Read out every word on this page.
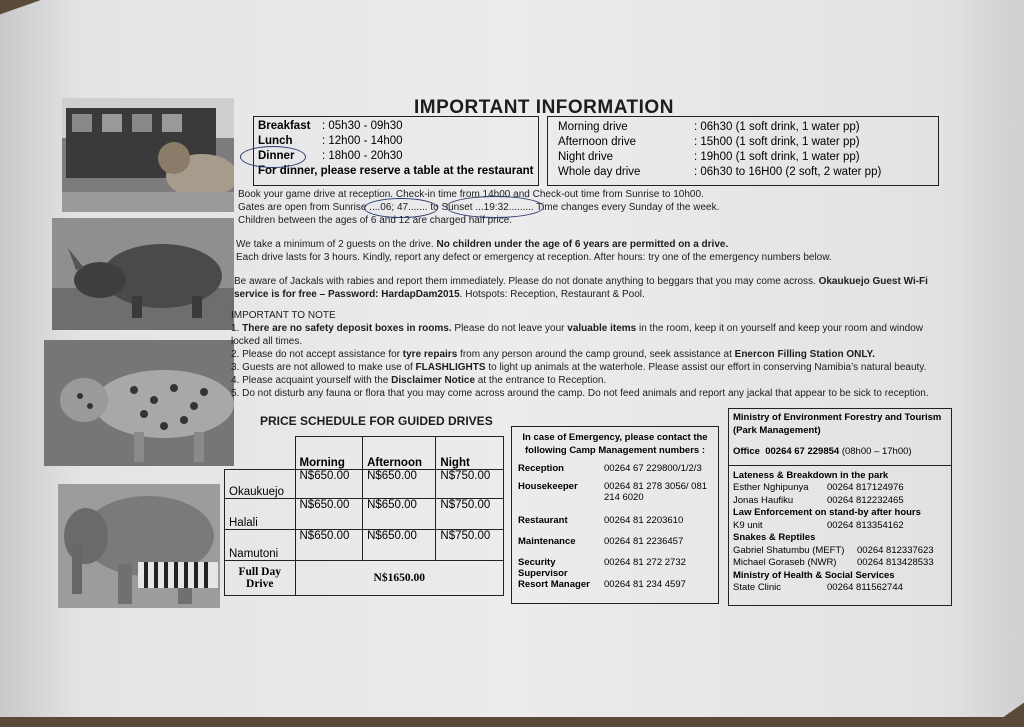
IMPORTANT INFORMATION
Breakfast	: 05h30 - 09h30
Lunch	: 12h00 - 14h00
Dinner	: 18h00 - 20h30
For dinner, please reserve a table at the restaurant
Morning drive	: 06h30 (1 soft drink, 1 water pp)
Afternoon drive	: 15h00 (1 soft drink, 1 water pp)
Night drive	: 19h00 (1 soft drink, 1 water pp)
Whole day drive	: 06h30 to 16H00 (2 soft, 2 water pp)
Book your game drive at reception. Check-in time from 14h00 and Check-out time from Sunrise to 10h00.
Gates are open from Sunrise ....06; 47....... to Sunset ...19:32......... Time changes every Sunday of the week.
Children between the ages of 6 and 12 are charged half price.
We take a minimum of 2 guests on the drive. No children under the age of 6 years are permitted on a drive.
Each drive lasts for 3 hours. Kindly, report any defect or emergency at reception. After hours: try one of the emergency numbers below.
Be aware of Jackals with rabies and report them immediately. Please do not donate anything to beggars that you may come across. Okaukuejo Guest Wi-Fi service is for free – Password: HardapDam2015. Hotspots: Reception, Restaurant & Pool.
IMPORTANT TO NOTE
1. There are no safety deposit boxes in rooms. Please do not leave your valuable items in the room, keep it on yourself and keep your room and window locked all times.
2. Please do not accept assistance for tyre repairs from any person around the camp ground, seek assistance at Enercon Filling Station ONLY.
3. Guests are not allowed to make use of FLASHLIGHTS to light up animals at the waterhole. Please assist our effort in conserving Namibia’s natural beauty.
4. Please acquaint yourself with the Disclaimer Notice at the entrance to Reception.
5. Do not disturb any fauna or flora that you may come across around the camp. Do not feed animals and report any jackal that appear to be sick to reception.
PRICE SCHEDULE FOR GUIDED DRIVES
	Morning	Afternoon	Night
Okaukuejo	N$650.00	N$650.00	N$750.00
Halali	N$650.00	N$650.00	N$750.00
Namutoni	N$650.00	N$650.00	N$750.00
Full Day Drive	N$1650.00		
In case of Emergency, please contact the following Camp Management numbers :
Reception	00264 67 229800/1/2/3
Housekeeper	00264 81 278 3056/ 081 214 6020
Restaurant	00264 81 2203610
Maintenance	00264 81 2236457
Security Supervisor	00264 81 272 2732
Resort Manager	00264 81 234 4597
Ministry of Environment Forestry and Tourism (Park Management)
Office 00264 67 229854 (08h00 – 17h00)
Lateness & Breakdown in the park
Esther Nghipunya	00264 817124976
Jonas Haufiku	00264 812232465
Law Enforcement on stand-by after hours
K9 unit	00264 813354162
Snakes & Reptiles
Gabriel Shatumbu (MEFT)	00264 812337623
Michael Goraseb (NWR)	00264 813428533
Ministry of Health & Social Services
State Clinic	00264 811562744
